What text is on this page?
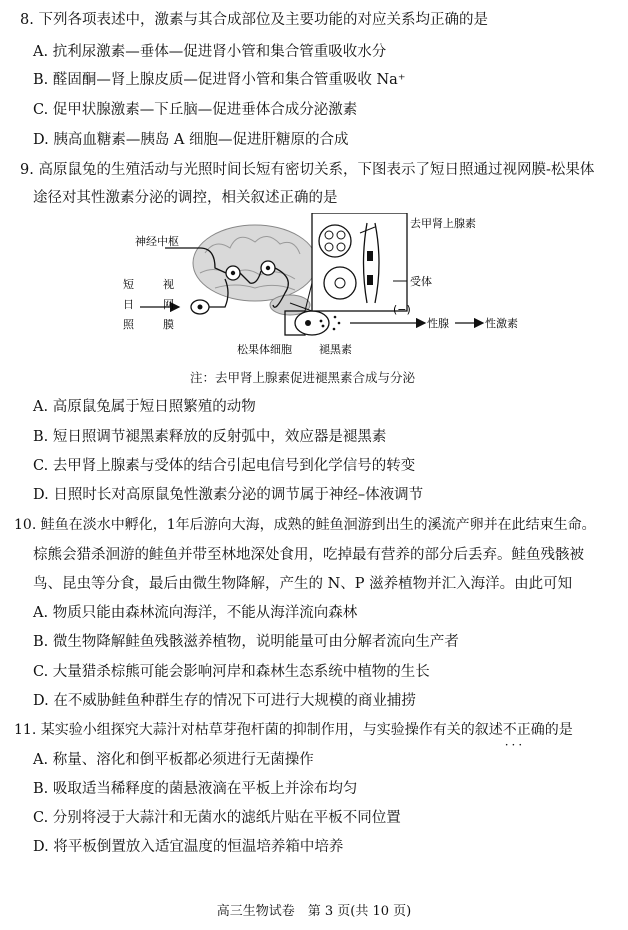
8. 下列各项表述中，激素与其合成部位及主要功能的对应关系均正确的是
A. 抗利尿激素—垂体—促进肾小管和集合管重吸收水分
B. 醛固酮—肾上腺皮质—促进肾小管和集合管重吸收 Na⁺
C. 促甲状腺激素—下丘脑—促进垂体合成分泌激素
D. 胰高血糖素—胰岛 A 细胞—促进肝糖原的合成
9. 高原鼠兔的生殖活动与光照时间长短有密切关系，下图表示了短日照通过视网膜-松果体
途径对其性激素分泌的调控，相关叙述正确的是
神经中枢
短
日
照
视
网
膜
去甲肾上腺素
受体
(−)
性腺	性激素
松果体细胞 褪黑素
注：去甲肾上腺素促进褪黑素合成与分泌
A. 高原鼠兔属于短日照繁殖的动物
B. 短日照调节褪黑素释放的反射弧中，效应器是褪黑素
C. 去甲肾上腺素与受体的结合引起电信号到化学信号的转变
D. 日照时长对高原鼠兔性激素分泌的调节属于神经–体液调节
10. 鲑鱼在淡水中孵化，1年后游向大海，成熟的鲑鱼洄游到出生的溪流产卵并在此结束生命。
棕熊会猎杀洄游的鲑鱼并带至林地深处食用，吃掉最有营养的部分后丢弃。鲑鱼残骸被
鸟、昆虫等分食，最后由微生物降解，产生的 N、P 滋养植物并汇入海洋。由此可知
A. 物质只能由森林流向海洋，不能从海洋流向森林
B. 微生物降解鲑鱼残骸滋养植物，说明能量可由分解者流向生产者
C. 大量猎杀棕熊可能会影响河岸和森林生态系统中植物的生长
D. 在不威胁鲑鱼种群生存的情况下可进行大规模的商业捕捞
11. 某实验小组探究大蒜汁对枯草芽孢杆菌的抑制作用，与实验操作有关的叙述不正确 ···的是
A. 称量、溶化和倒平板都必须进行无菌操作
B. 吸取适当稀释度的菌悬液滴在平板上并涂布均匀
C. 分别将浸于大蒜汁和无菌水的滤纸片贴在平板不同位置
D. 将平板倒置放入适宜温度的恒温培养箱中培养
高三生物试卷　第 3 页(共 10 页)
